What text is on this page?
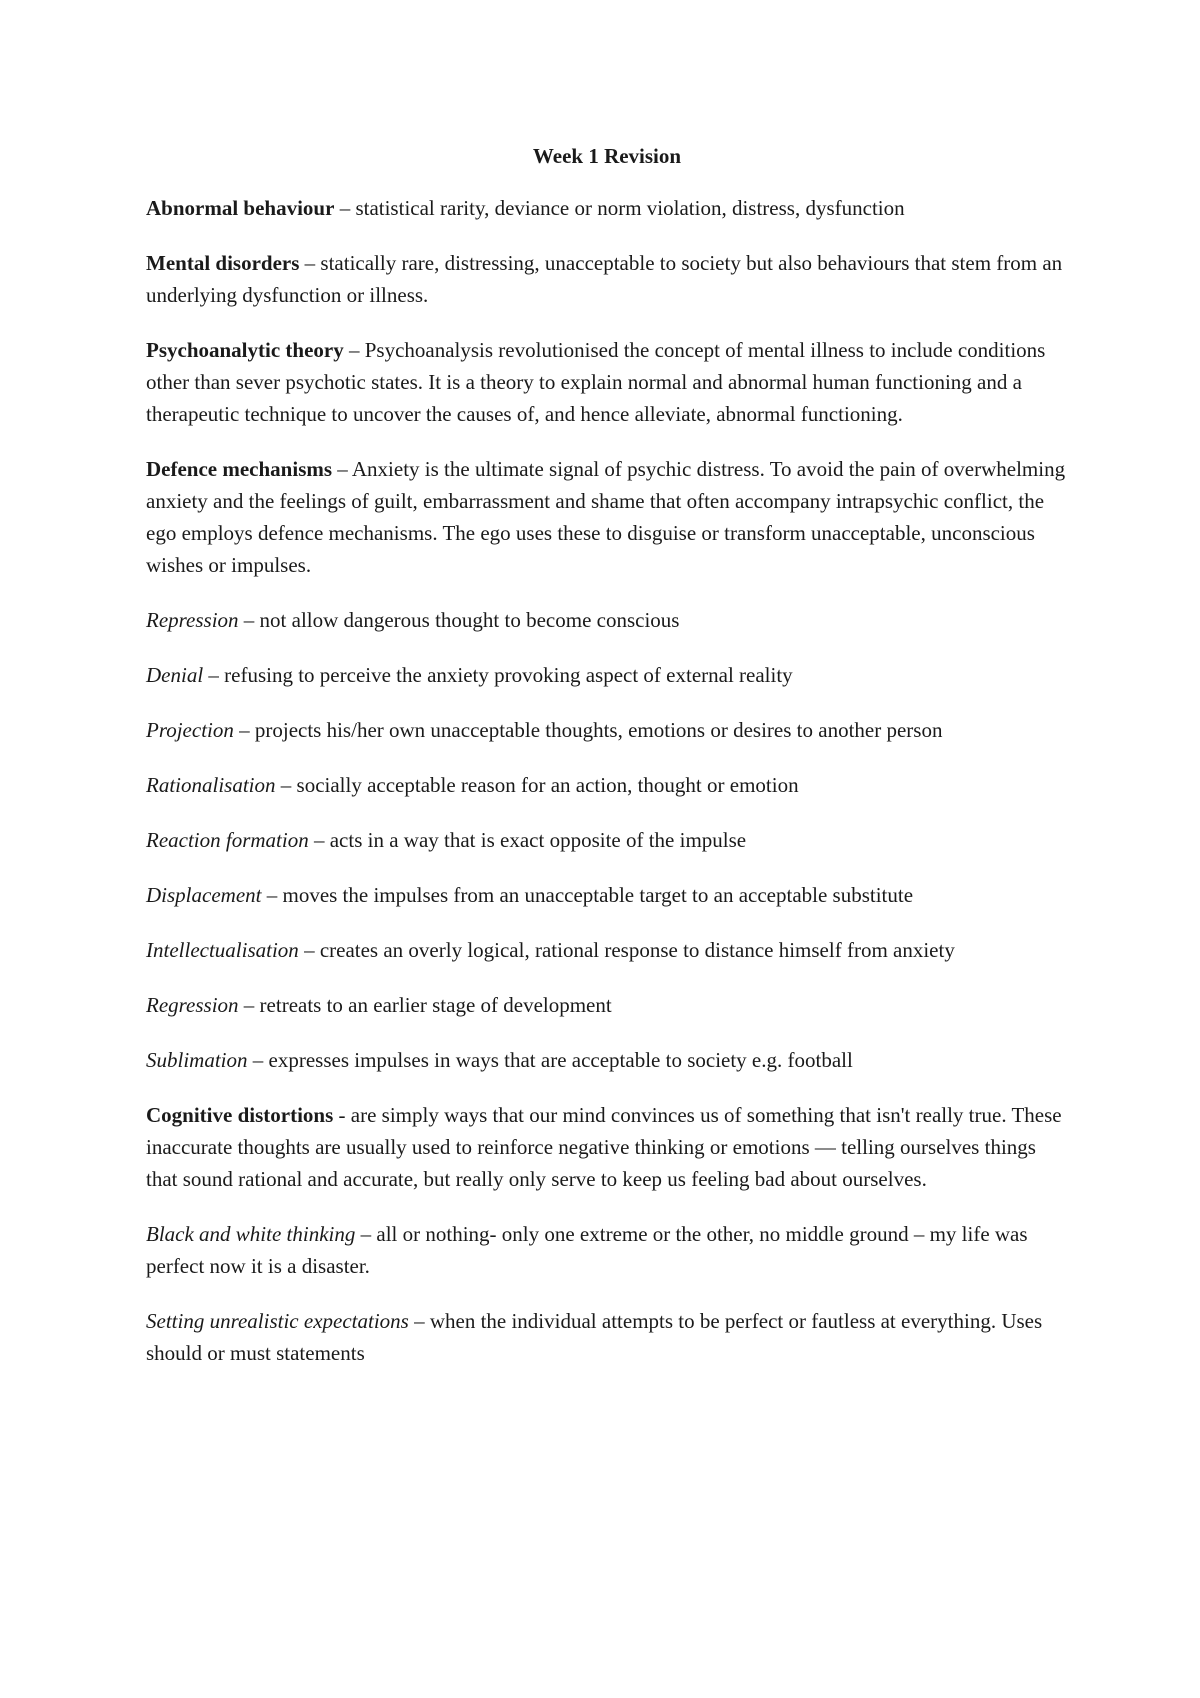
Week 1 Revision

Abnormal behaviour – statistical rarity, deviance or norm violation, distress, dysfunction

Mental disorders – statically rare, distressing, unacceptable to society but also behaviours that stem from an underlying dysfunction or illness.

Psychoanalytic theory – Psychoanalysis revolutionised the concept of mental illness to include conditions other than sever psychotic states. It is a theory to explain normal and abnormal human functioning and a therapeutic technique to uncover the causes of, and hence alleviate, abnormal functioning.

Defence mechanisms – Anxiety is the ultimate signal of psychic distress. To avoid the pain of overwhelming anxiety and the feelings of guilt, embarrassment and shame that often accompany intrapsychic conflict, the ego employs defence mechanisms. The ego uses these to disguise or transform unacceptable, unconscious wishes or impulses.

Repression – not allow dangerous thought to become conscious

Denial – refusing to perceive the anxiety provoking aspect of external reality

Projection – projects his/her own unacceptable thoughts, emotions or desires to another person

Rationalisation – socially acceptable reason for an action, thought or emotion

Reaction formation – acts in a way that is exact opposite of the impulse

Displacement – moves the impulses from an unacceptable target to an acceptable substitute

Intellectualisation – creates an overly logical, rational response to distance himself from anxiety

Regression – retreats to an earlier stage of development

Sublimation – expresses impulses in ways that are acceptable to society e.g. football

Cognitive distortions - are simply ways that our mind convinces us of something that isn't really true. These inaccurate thoughts are usually used to reinforce negative thinking or emotions — telling ourselves things that sound rational and accurate, but really only serve to keep us feeling bad about ourselves.

Black and white thinking – all or nothing- only one extreme or the other, no middle ground – my life was perfect now it is a disaster.

Setting unrealistic expectations – when the individual attempts to be perfect or fautless at everything. Uses should or must statements
